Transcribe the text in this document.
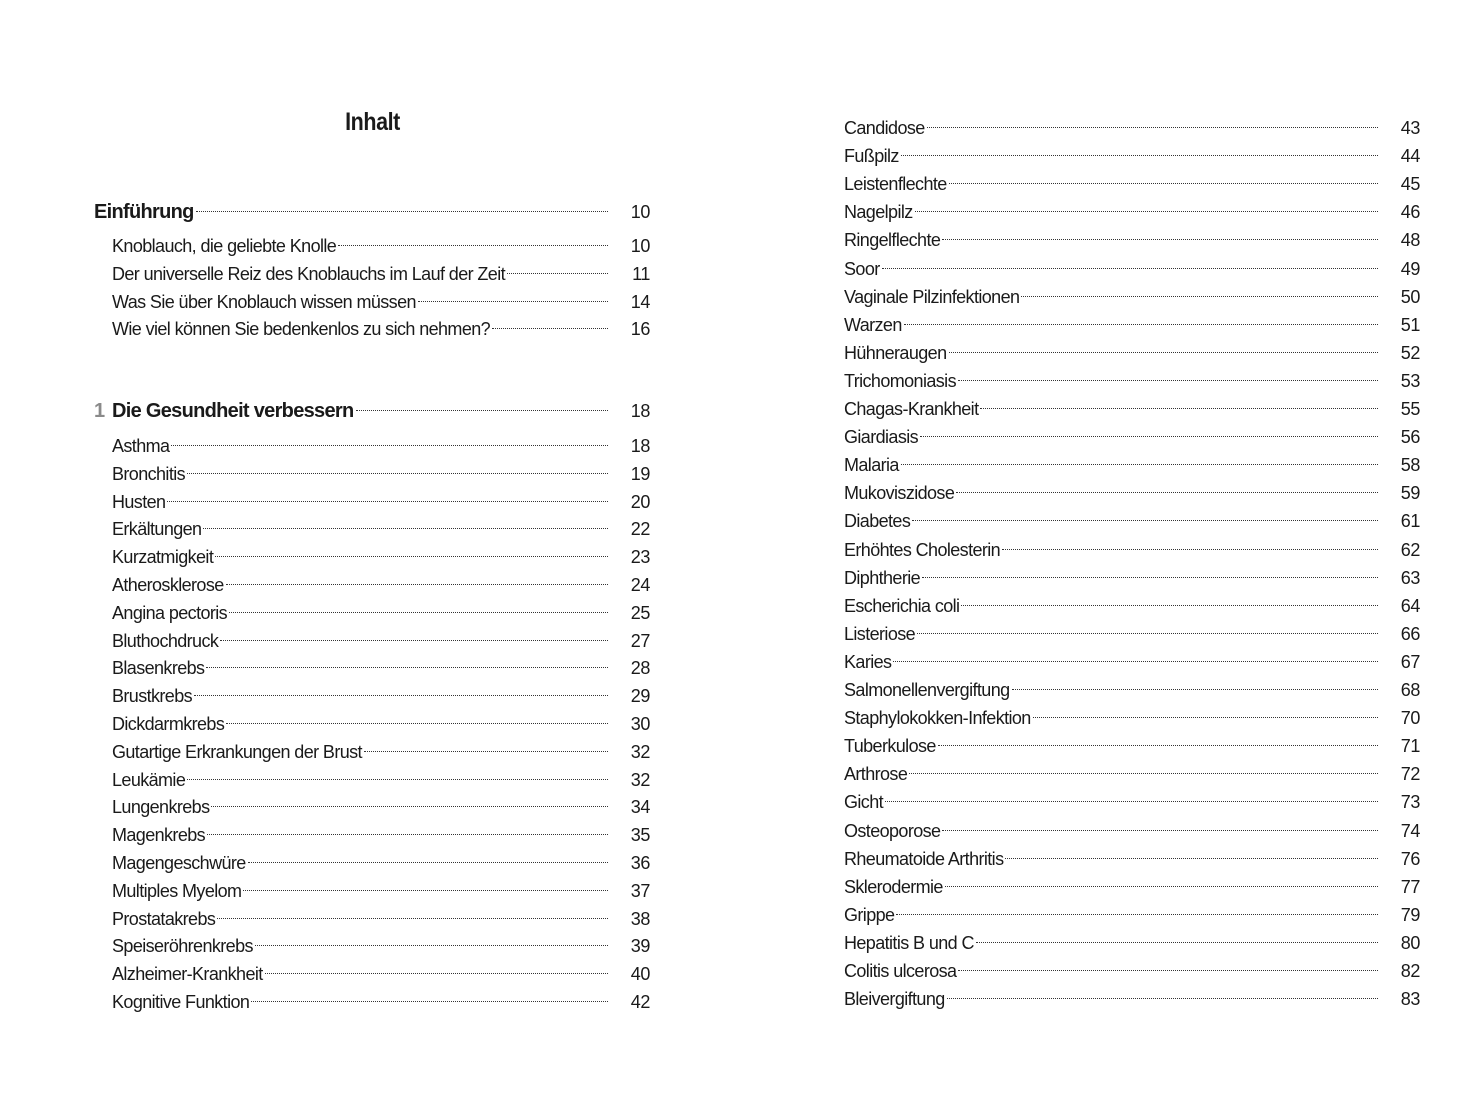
Inhalt
Einführung	10
Knoblauch, die geliebte Knolle	10
Der universelle Reiz des Knoblauchs im Lauf der Zeit	11
Was Sie über Knoblauch wissen müssen	14
Wie viel können Sie bedenkenlos zu sich nehmen?	16
1 Die Gesundheit verbessern	18
Asthma	18
Bronchitis	19
Husten	20
Erkältungen	22
Kurzatmigkeit	23
Atherosklerose	24
Angina pectoris	25
Bluthochdruck	27
Blasenkrebs	28
Brustkrebs	29
Dickdarmkrebs	30
Gutartige Erkrankungen der Brust	32
Leukämie	32
Lungenkrebs	34
Magenkrebs	35
Magengeschwüre	36
Multiples Myelom	37
Prostatakrebs	38
Speiseröhrenkrebs	39
Alzheimer-Krankheit	40
Kognitive Funktion	42
Candidose	43
Fußpilz	44
Leistenflechte	45
Nagelpilz	46
Ringelflechte	48
Soor	49
Vaginale Pilzinfektionen	50
Warzen	51
Hühneraugen	52
Trichomoniasis	53
Chagas-Krankheit	55
Giardiasis	56
Malaria	58
Mukoviszidose	59
Diabetes	61
Erhöhtes Cholesterin	62
Diphtherie	63
Escherichia coli	64
Listeriose	66
Karies	67
Salmonellenvergiftung	68
Staphylokokken-Infektion	70
Tuberkulose	71
Arthrose	72
Gicht	73
Osteoporose	74
Rheumatoide Arthritis	76
Sklerodermie	77
Grippe	79
Hepatitis B und C	80
Colitis ulcerosa	82
Bleivergiftung	83
